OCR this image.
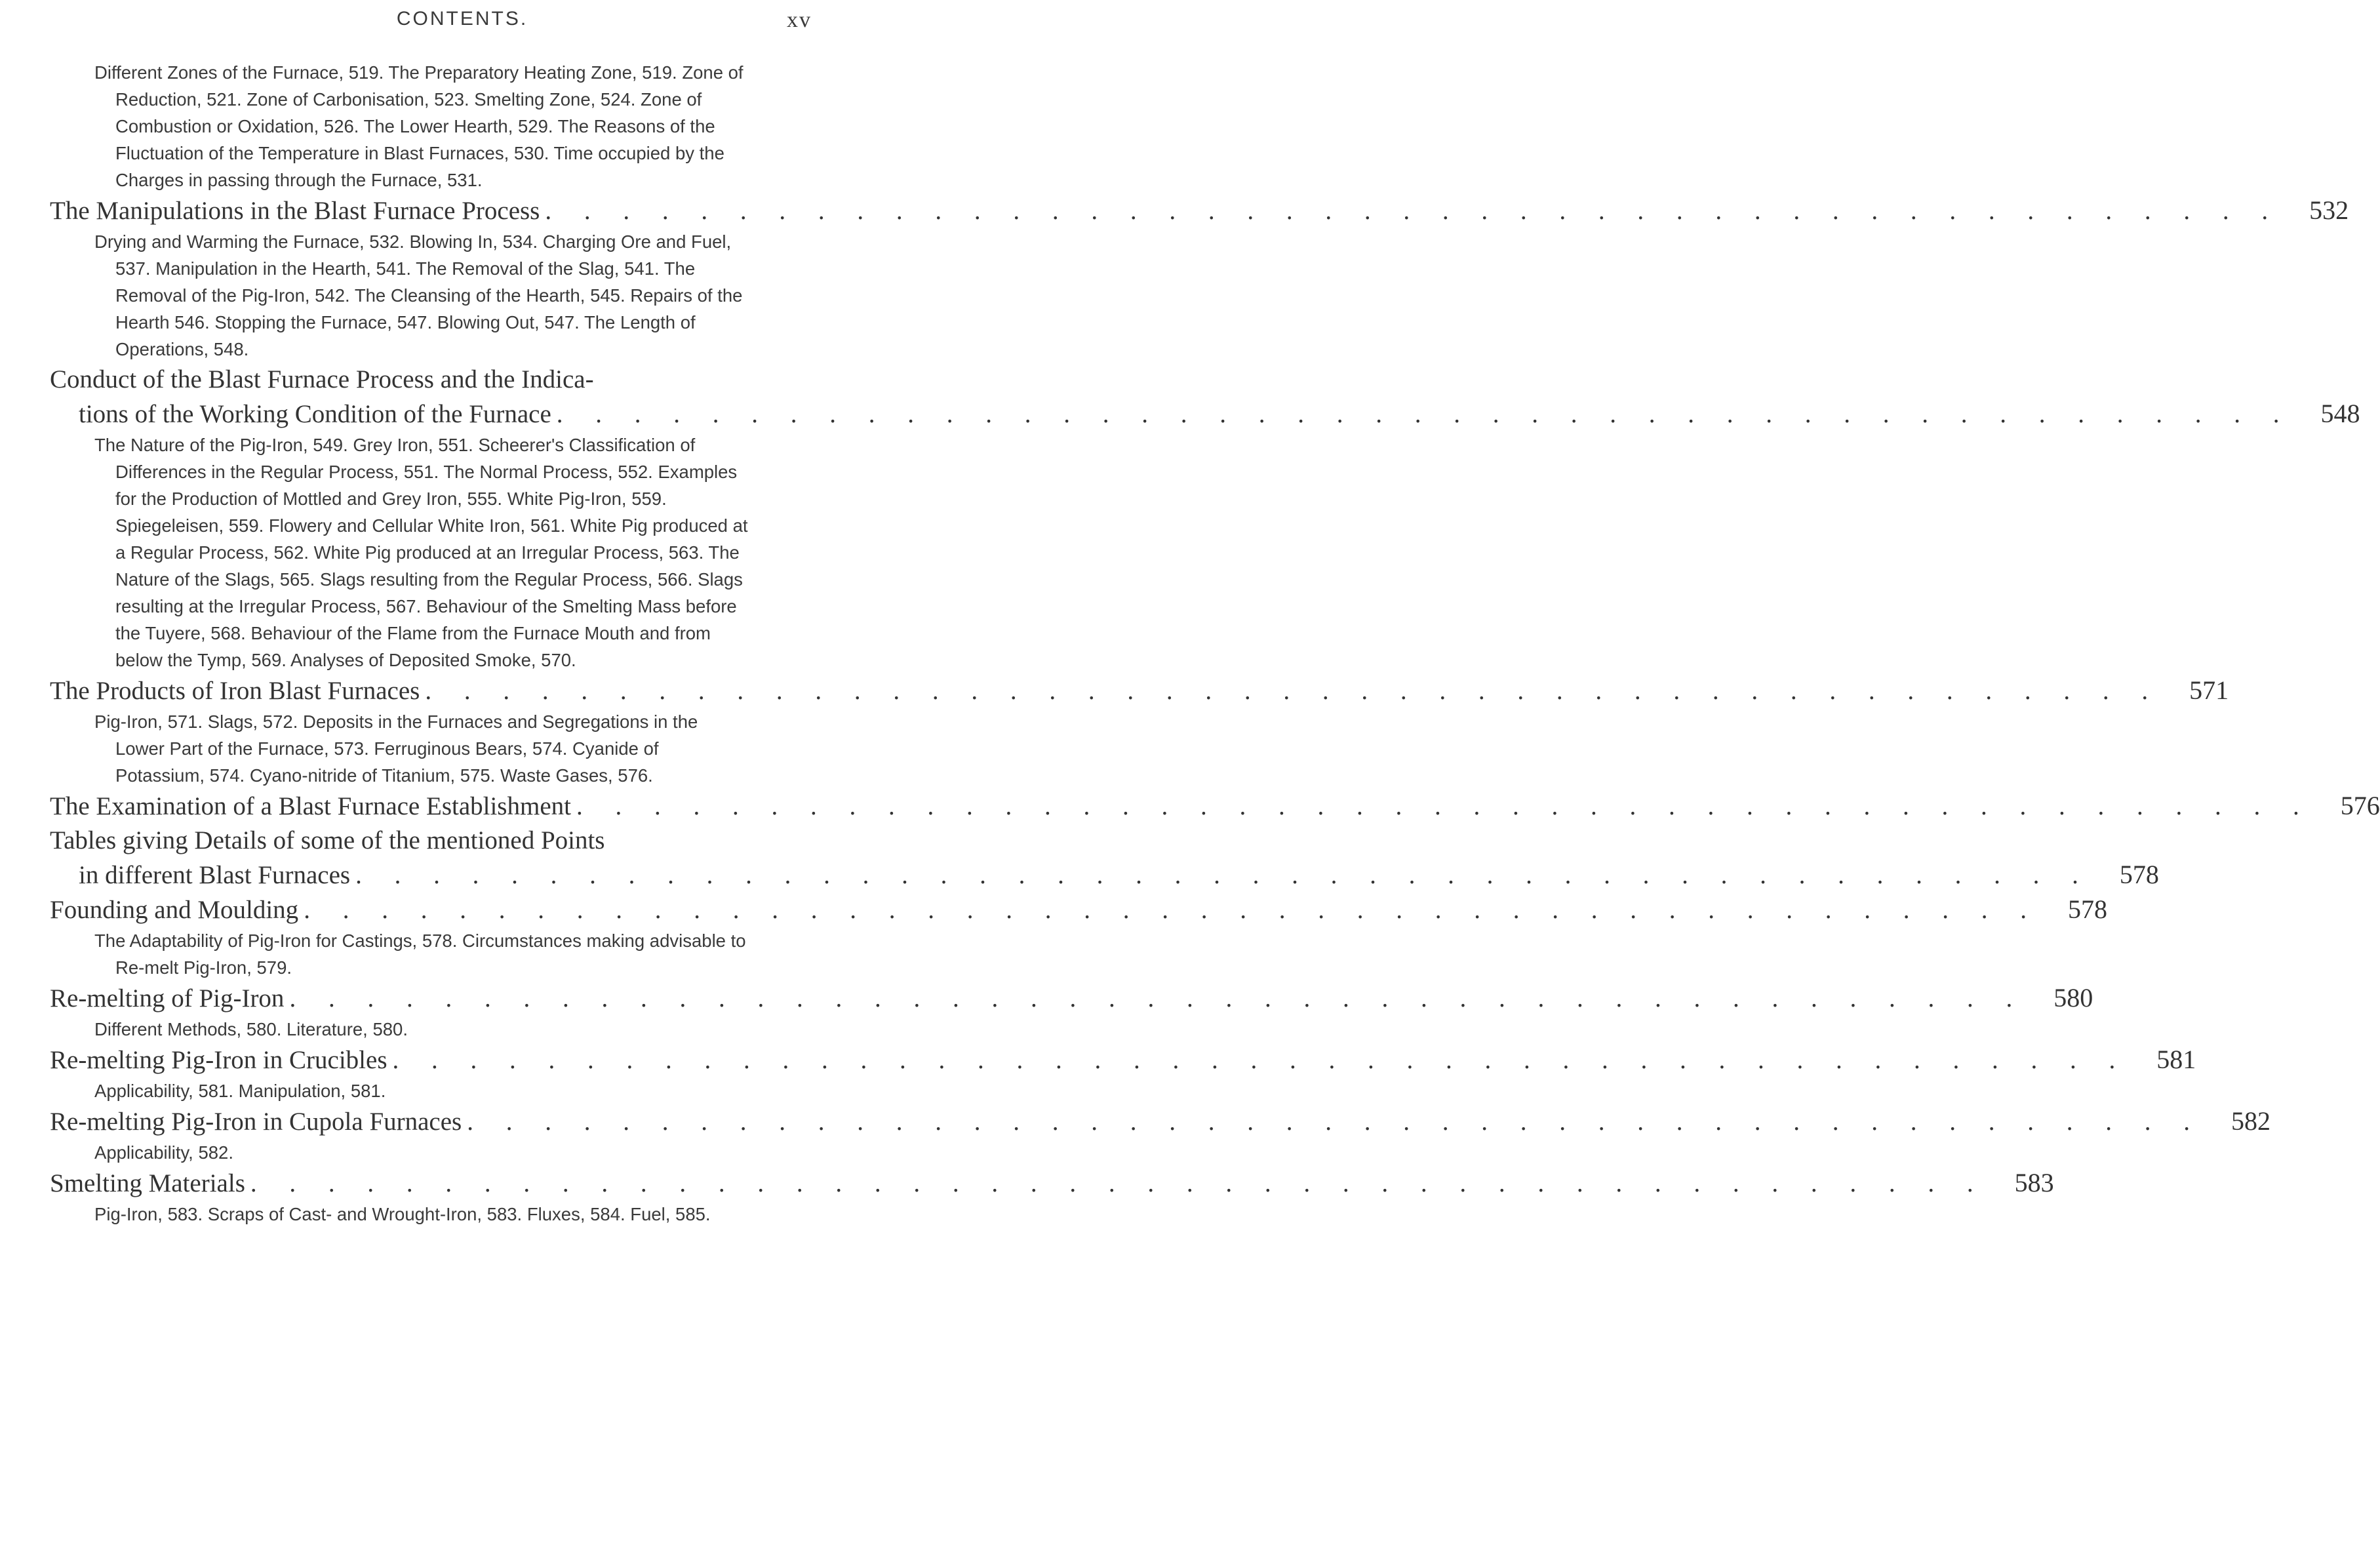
CONTENTS.	xv
Different Zones of the Furnace, 519. The Preparatory Heating Zone, 519. Zone of Reduction, 521. Zone of Carbonisation, 523. Smelting Zone, 524. Zone of Combustion or Oxidation, 526. The Lower Hearth, 529. The Reasons of the Fluctuation of the Temperature in Blast Furnaces, 530. Time occupied by the Charges in passing through the Furnace, 531.
The Manipulations in the Blast Furnace Process . . . . . . . . . . . . . . . . . . . . . . . . . . . . . . . . . . . . . . . . . . . . .	532
Drying and Warming the Furnace, 532. Blowing In, 534. Charging Ore and Fuel, 537. Manipulation in the Hearth, 541. The Removal of the Slag, 541. The Removal of the Pig-Iron, 542. The Cleansing of the Hearth, 545. Repairs of the Hearth 546. Stopping the Furnace, 547. Blowing Out, 547. The Length of Operations, 548.
Conduct of the Blast Furnace Process and the Indica-
tions of the Working Condition of the Furnace . . . . . . . . . . . . . . . . . . . . . . . . . . . . . . . . . . . . . . . . . . . . .	548
The Nature of the Pig-Iron, 549. Grey Iron, 551. Scheerer's Classification of Differences in the Regular Process, 551. The Normal Process, 552. Examples for the Production of Mottled and Grey Iron, 555. White Pig-Iron, 559. Spiegeleisen, 559. Flowery and Cellular White Iron, 561. White Pig produced at a Regular Process, 562. White Pig produced at an Irregular Process, 563. The Nature of the Slags, 565. Slags resulting from the Regular Process, 566. Slags resulting at the Irregular Process, 567. Behaviour of the Smelting Mass before the Tuyere, 568. Behaviour of the Flame from the Furnace Mouth and from below the Tymp, 569. Analyses of Deposited Smoke, 570.
The Products of Iron Blast Furnaces . . . . . . . . . . . . . . . . . . . . . . . . . . . . . . . . . . . . . . . . . . . . .	571
Pig-Iron, 571. Slags, 572. Deposits in the Furnaces and Segregations in the Lower Part of the Furnace, 573. Ferruginous Bears, 574. Cyanide of Potassium, 574. Cyano-nitride of Titanium, 575. Waste Gases, 576.
The Examination of a Blast Furnace Establishment . . . . . . . . . . . . . . . . . . . . . . . . . . . . . . . . . . . . . . . . . . . . .	576
Tables giving Details of some of the mentioned Points
in different Blast Furnaces . . . . . . . . . . . . . . . . . . . . . . . . . . . . . . . . . . . . . . . . . . . . .	578
Founding and Moulding . . . . . . . . . . . . . . . . . . . . . . . . . . . . . . . . . . . . . . . . . . . . .	578
The Adaptability of Pig-Iron for Castings, 578. Circumstances making advisable to Re-melt Pig-Iron, 579.
Re-melting of Pig-Iron . . . . . . . . . . . . . . . . . . . . . . . . . . . . . . . . . . . . . . . . . . . . .	580
Different Methods, 580. Literature, 580.
Re-melting Pig-Iron in Crucibles . . . . . . . . . . . . . . . . . . . . . . . . . . . . . . . . . . . . . . . . . . . . .	581
Applicability, 581. Manipulation, 581.
Re-melting Pig-Iron in Cupola Furnaces . . . . . . . . . . . . . . . . . . . . . . . . . . . . . . . . . . . . . . . . . . . . .	582
Applicability, 582.
Smelting Materials . . . . . . . . . . . . . . . . . . . . . . . . . . . . . . . . . . . . . . . . . . . . .	583
Pig-Iron, 583. Scraps of Cast- and Wrought-Iron, 583. Fluxes, 584. Fuel, 585.
